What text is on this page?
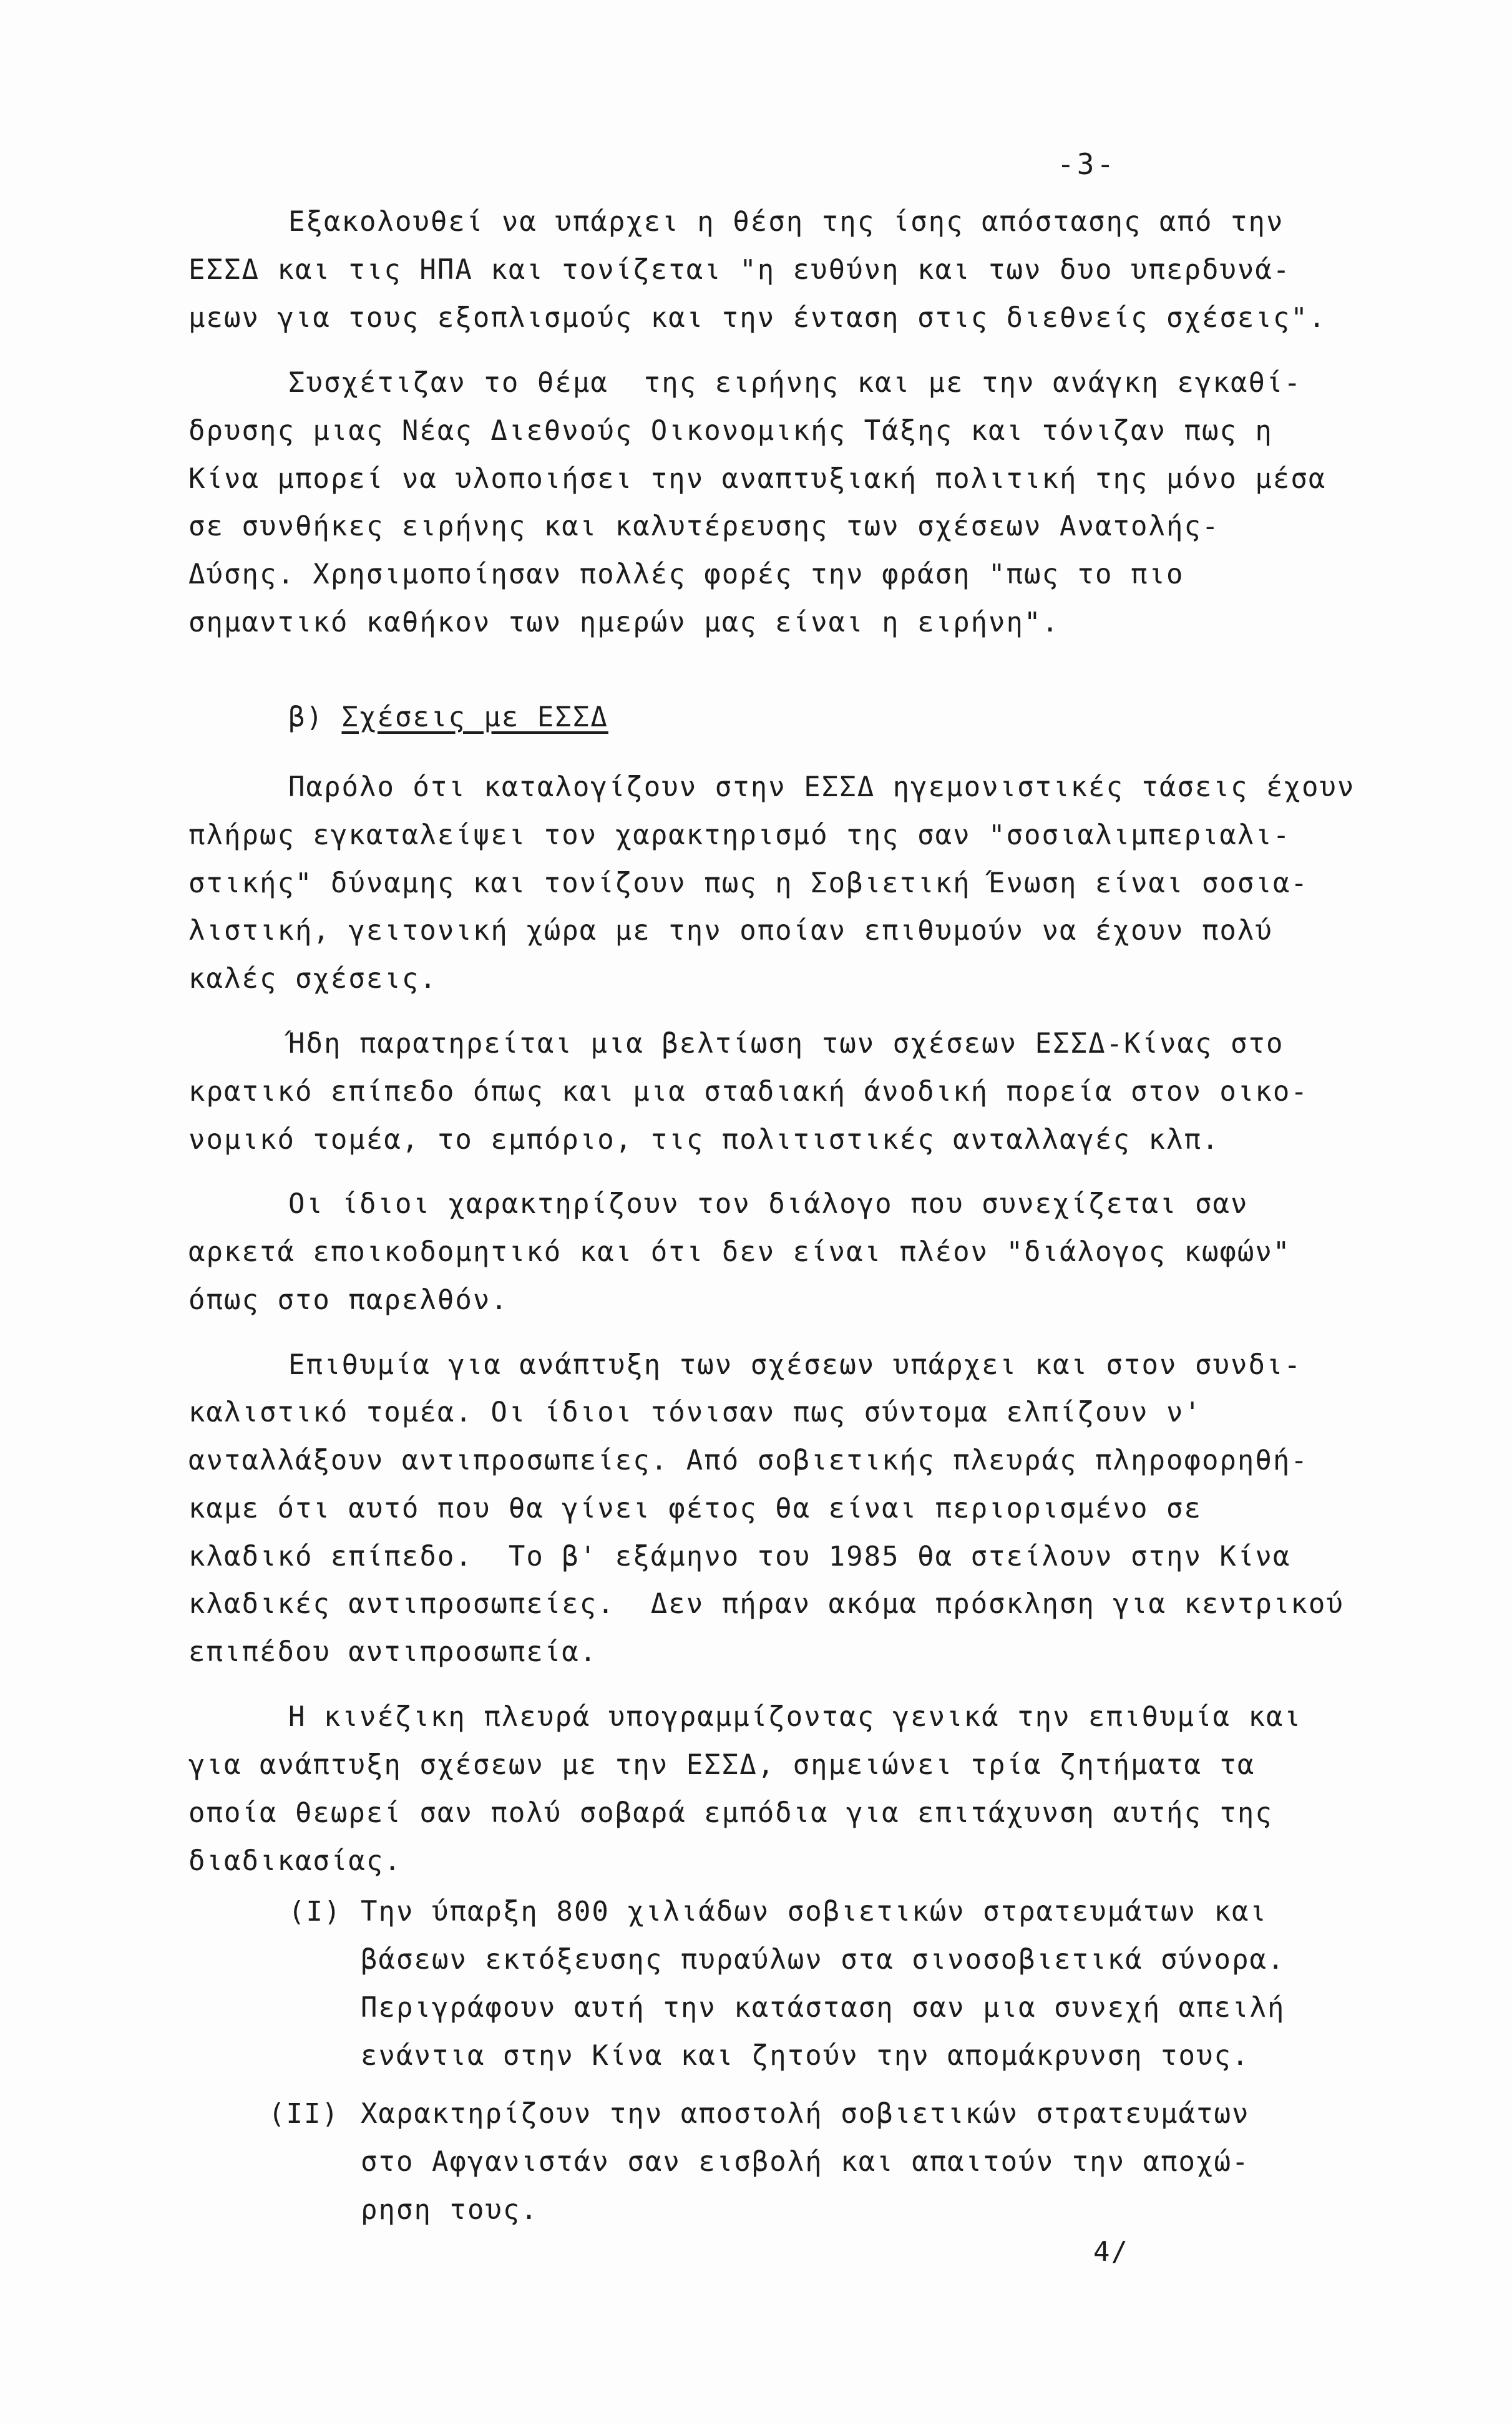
-3-
Εξακολουθεί να υπάρχει η θέση της ίσης απόστασης από την
ΕΣΣΔ και τις ΗΠΑ και τονίζεται "η ευθύνη και των δυο υπερδυνά-
μεων για τους εξοπλισμούς και την ένταση στις διεθνείς σχέσεις".
Συσχέτιζαν το θέμα  της ειρήνης και με την ανάγκη εγκαθί-
δρυσης μιας Νέας Διεθνούς Οικονομικής Τάξης και τόνιζαν πως η
Κίνα μπορεί να υλοποιήσει την αναπτυξιακή πολιτική της μόνο μέσα
σε συνθήκες ειρήνης και καλυτέρευσης των σχέσεων Ανατολής-
Δύσης. Χρησιμοποίησαν πολλές φορές την φράση "πως το πιο
σημαντικό καθήκον των ημερών μας είναι η ειρήνη".
β) Σχέσεις με ΕΣΣΔ
Παρόλο ότι καταλογίζουν στην ΕΣΣΔ ηγεμονιστικές τάσεις έχουν
πλήρως εγκαταλείψει τον χαρακτηρισμό της σαν "σοσιαλιμπεριαλι-
στικής" δύναμης και τονίζουν πως η Σοβιετική Ένωση είναι σοσια-
λιστική, γειτονική χώρα με την οποίαν επιθυμούν να έχουν πολύ
καλές σχέσεις.
Ήδη παρατηρείται μια βελτίωση των σχέσεων ΕΣΣΔ-Κίνας στο
κρατικό επίπεδο όπως και μια σταδιακή άνοδική πορεία στον οικο-
νομικό τομέα, το εμπόριο, τις πολιτιστικές ανταλλαγές κλπ.
Οι ίδιοι χαρακτηρίζουν τον διάλογο που συνεχίζεται σαν
αρκετά εποικοδομητικό και ότι δεν είναι πλέον "διάλογος κωφών"
όπως στο παρελθόν.
Επιθυμία για ανάπτυξη των σχέσεων υπάρχει και στον συνδι-
καλιστικό τομέα. Οι ίδιοι τόνισαν πως σύντομα ελπίζουν ν'
ανταλλάξουν αντιπροσωπείες. Από σοβιετικής πλευράς πληροφορηθή-
καμε ότι αυτό που θα γίνει φέτος θα είναι περιορισμένο σε
κλαδικό επίπεδο.  Το β' εξάμηνο του 1985 θα στείλουν στην Κίνα
κλαδικές αντιπροσωπείες.  Δεν πήραν ακόμα πρόσκληση για κεντρικού
επιπέδου αντιπροσωπεία.
Η κινέζικη πλευρά υπογραμμίζοντας γενικά την επιθυμία και
για ανάπτυξη σχέσεων με την ΕΣΣΔ, σημειώνει τρία ζητήματα τα
οποία θεωρεί σαν πολύ σοβαρά εμπόδια για επιτάχυνση αυτής της
διαδικασίας.
(I) Την ύπαρξη 800 χιλιάδων σοβιετικών στρατευμάτων και
βάσεων εκτόξευσης πυραύλων στα σινοσοβιετικά σύνορα.
Περιγράφουν αυτή την κατάσταση σαν μια συνεχή απειλή
ενάντια στην Κίνα και ζητούν την απομάκρυνση τους.
(II) Χαρακτηρίζουν την αποστολή σοβιετικών στρατευμάτων
στο Αφγανιστάν σαν εισβολή και απαιτούν την αποχώ-
ρηση τους.
4/
